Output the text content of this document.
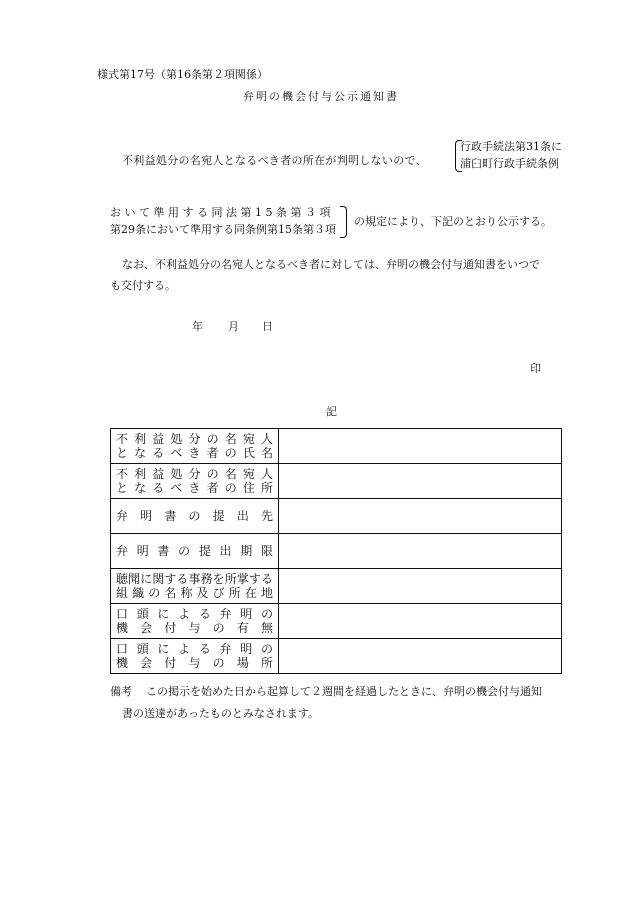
様式第17号（第16条第２項関係）
弁明の機会付与公示通知書
不利益処分の名宛人となるべき者の所在が判明しないので、
行政手続法第31条に
浦臼町行政手続条例
おいて準用する同法第15条第３項
第29条において準用する同条例第15条第３項
の規定により、下記のとおり公示する。
なお、不利益処分の名宛人となるべき者に対しては、弁明の機会付与通知書をいつで
も交付する。
年 月 日
印
記
不利益処分の名宛人
となるべき者の氏名	

不利益処分の名宛人
となるべき者の住所	

弁明書の提出先	

弁明書の提出期限	

聴聞に関する事務を所掌する
組織の名称及び所在地	

口頭による弁明の
機会付与の有無	

口頭による弁明の
機会付与の場所	

備考 この掲示を始めた日から起算して２週間を経過したときに、弁明の機会付与通知
書の送達があったものとみなされます。
